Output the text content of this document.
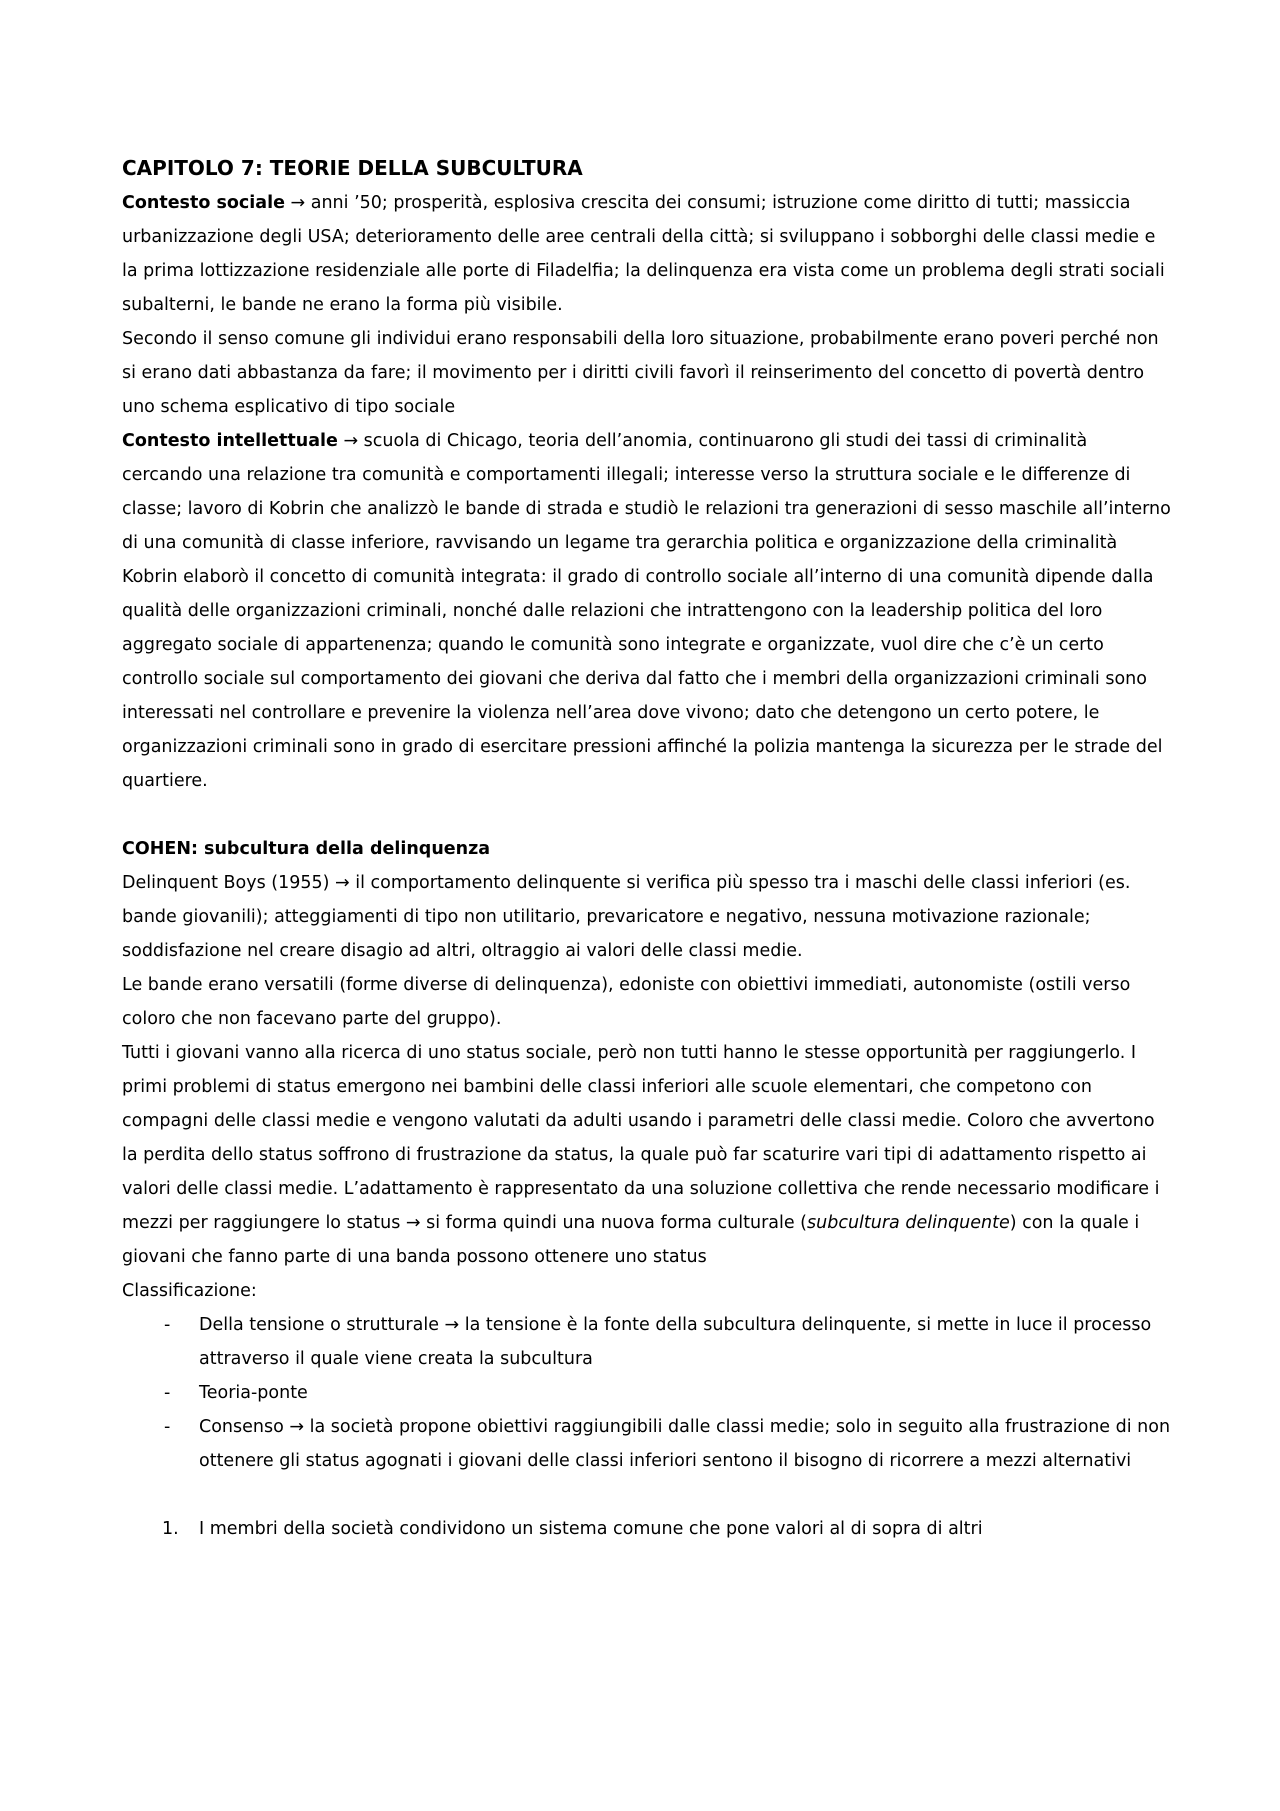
CAPITOLO 7: TEORIE DELLA SUBCULTURA

Contesto sociale → anni ’50; prosperità, esplosiva crescita dei consumi; istruzione come diritto di tutti; massiccia urbanizzazione degli USA; deterioramento delle aree centrali della città; si sviluppano i sobborghi delle classi medie e la prima lottizzazione residenziale alle porte di Filadelfia; la delinquenza era vista come un problema degli strati sociali subalterni, le bande ne erano la forma più visibile.

Secondo il senso comune gli individui erano responsabili della loro situazione, probabilmente erano poveri perché non si erano dati abbastanza da fare; il movimento per i diritti civili favorì il reinserimento del concetto di povertà dentro uno schema esplicativo di tipo sociale

Contesto intellettuale → scuola di Chicago, teoria dell’anomia, continuarono gli studi dei tassi di criminalità cercando una relazione tra comunità e comportamenti illegali; interesse verso la struttura sociale e le differenze di classe; lavoro di Kobrin che analizzò le bande di strada e studiò le relazioni tra generazioni di sesso maschile all’interno di una comunità di classe inferiore, ravvisando un legame tra gerarchia politica e organizzazione della criminalità

Kobrin elaborò il concetto di comunità integrata: il grado di controllo sociale all’interno di una comunità dipende dalla qualità delle organizzazioni criminali, nonché dalle relazioni che intrattengono con la leadership politica del loro aggregato sociale di appartenenza; quando le comunità sono integrate e organizzate, vuol dire che c’è un certo controllo sociale sul comportamento dei giovani che deriva dal fatto che i membri della organizzazioni criminali sono interessati nel controllare e prevenire la violenza nell’area dove vivono; dato che detengono un certo potere, le organizzazioni criminali sono in grado di esercitare pressioni affinché la polizia mantenga la sicurezza per le strade del quartiere.

COHEN: subcultura della delinquenza

Delinquent Boys (1955) → il comportamento delinquente si verifica più spesso tra i maschi delle classi inferiori (es. bande giovanili); atteggiamenti di tipo non utilitario, prevaricatore e negativo, nessuna motivazione razionale; soddisfazione nel creare disagio ad altri, oltraggio ai valori delle classi medie.

Le bande erano versatili (forme diverse di delinquenza), edoniste con obiettivi immediati, autonomiste (ostili verso coloro che non facevano parte del gruppo).

Tutti i giovani vanno alla ricerca di uno status sociale, però non tutti hanno le stesse opportunità per raggiungerlo. I primi problemi di status emergono nei bambini delle classi inferiori alle scuole elementari, che competono con compagni delle classi medie e vengono valutati da adulti usando i parametri delle classi medie. Coloro che avvertono la perdita dello status soffrono di frustrazione da status, la quale può far scaturire vari tipi di adattamento rispetto ai valori delle classi medie. L’adattamento è rappresentato da una soluzione collettiva che rende necessario modificare i mezzi per raggiungere lo status → si forma quindi una nuova forma culturale (subcultura delinquente) con la quale i giovani che fanno parte di una banda possono ottenere uno status

Classificazione:

- Della tensione o strutturale → la tensione è la fonte della subcultura delinquente, si mette in luce il processo attraverso il quale viene creata la subcultura
- Teoria-ponte
- Consenso → la società propone obiettivi raggiungibili dalle classi medie; solo in seguito alla frustrazione di non ottenere gli status agognati i giovani delle classi inferiori sentono il bisogno di ricorrere a mezzi alternativi
1. I membri della società condividono un sistema comune che pone valori al di sopra di altri
